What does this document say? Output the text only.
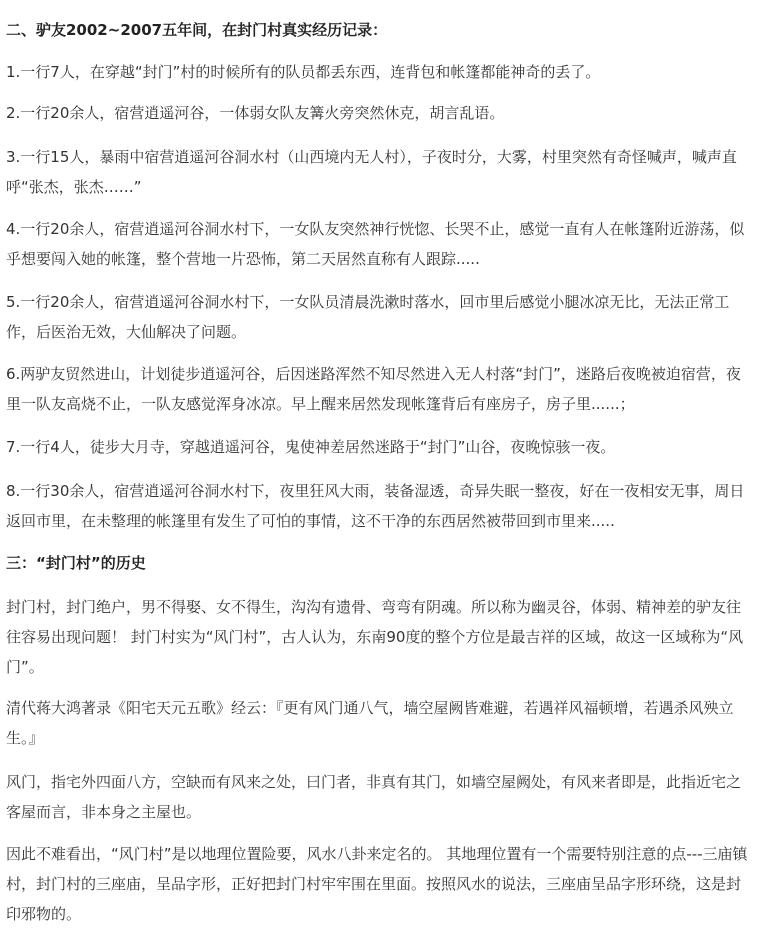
二、驴友2002~2007五年间，在封门村真实经历记录：

1.一行7人，在穿越“封门”村的时候所有的队员都丢东西，连背包和帐篷都能神奇的丢了。

2.一行20余人，宿营逍遥河谷，一体弱女队友篝火旁突然休克，胡言乱语。

3.一行15人，暴雨中宿营逍遥河谷洞水村（山西境内无人村），子夜时分，大雾，村里突然有奇怪喊声，喊声直呼“张杰，张杰……”

4.一行20余人，宿营逍遥河谷洞水村下，一女队友突然神行恍惚、长哭不止，感觉一直有人在帐篷附近游荡，似乎想要闯入她的帐篷，整个营地一片恐怖，第二天居然直称有人跟踪.....

5.一行20余人，宿营逍遥河谷洞水村下，一女队员清晨洗漱时落水，回市里后感觉小腿冰凉无比，无法正常工作，后医治无效，大仙解决了问题。

6.两驴友贸然进山，计划徒步逍遥河谷，后因迷路浑然不知尽然进入无人村落“封门”，迷路后夜晚被迫宿营，夜里一队友高烧不止，一队友感觉浑身冰凉。早上醒来居然发现帐篷背后有座房子，房子里......；

7.一行4人，徒步大月寺，穿越逍遥河谷，鬼使神差居然迷路于“封门”山谷，夜晚惊骇一夜。

8.一行30余人，宿营逍遥河谷洞水村下，夜里狂风大雨，装备湿透，奇异失眠一整夜，好在一夜相安无事，周日返回市里，在未整理的帐篷里有发生了可怕的事情，这不干净的东西居然被带回到市里来.....

三：“封门村”的历史

封门村，封门绝户，男不得娶、女不得生，沟沟有遗骨、弯弯有阴魂。所以称为幽灵谷，体弱、精神差的驴友往往容易出现问题！ 封门村实为“风门村”，古人认为，东南90度的整个方位是最吉祥的区域，故这一区域称为“风门”。

清代蒋大鸿著录《阳宅天元五歌》经云：『更有风门通八气，墙空屋阙皆难避，若遇祥风福顿增，若遇杀风殃立生。』

风门，指宅外四面八方，空缺而有风来之处，曰门者，非真有其门，如墙空屋阙处，有风来者即是，此指近宅之客屋而言，非本身之主屋也。

因此不难看出，“风门村”是以地理位置险要，风水八卦来定名的。 其地理位置有一个需要特别注意的点---三庙镇村，封门村的三座庙，呈品字形，正好把封门村牢牢围在里面。按照风水的说法，三座庙呈品字形环绕，这是封印邪物的。
